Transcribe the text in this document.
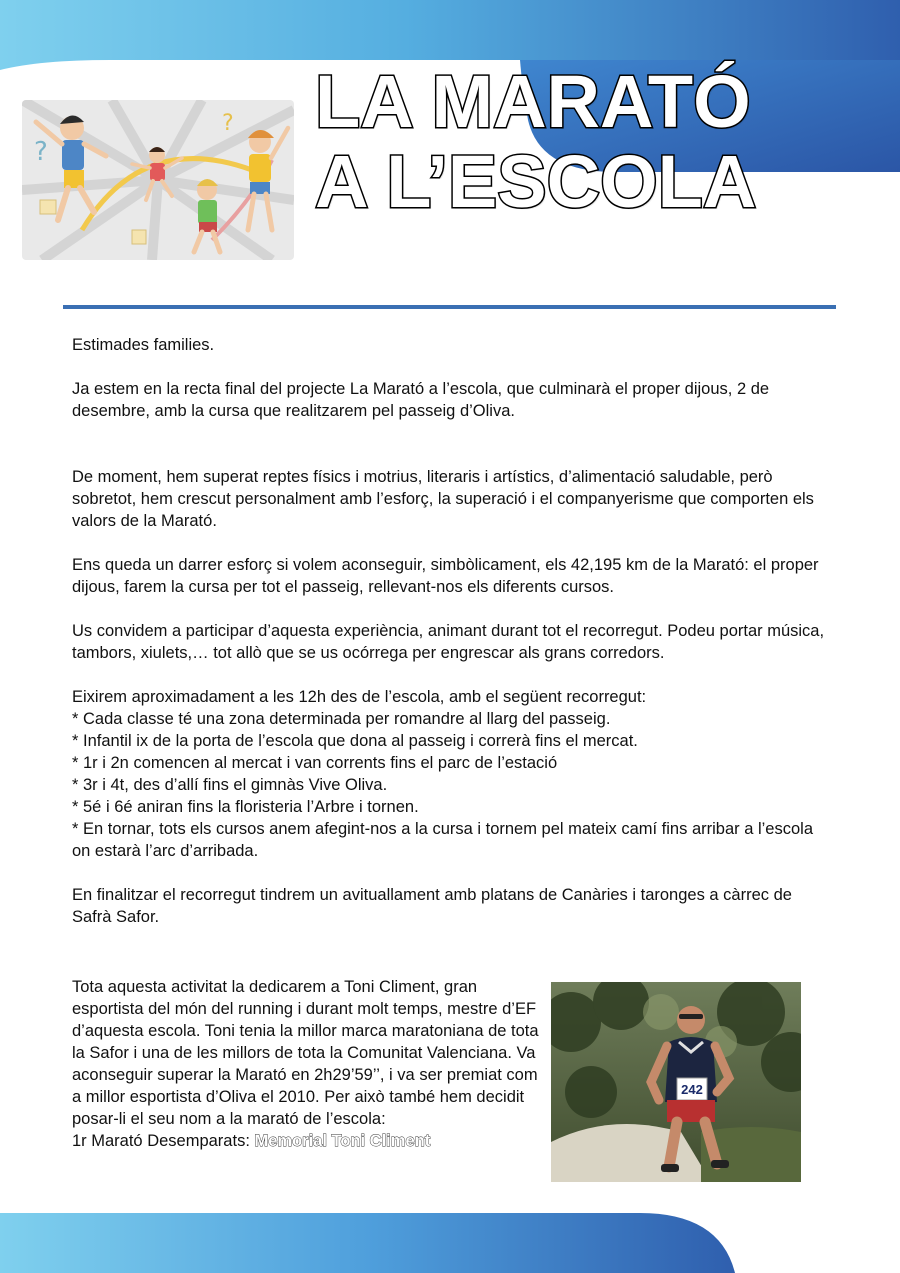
?
? LA MARATÓ
A L’ESCOLA

Estimades families.

Ja estem en la recta final del projecte La Marató a l’escola, que culminarà el proper dijous, 2 de desembre, amb la cursa que realitzarem pel passeig d’Oliva.

De moment, hem superat reptes físics i motrius, literaris i artístics, d’alimentació saludable, però sobretot, hem crescut personalment amb l’esforç, la superació i el companyerisme que comporten els valors de la Marató.

Ens queda un darrer esforç si volem aconseguir, simbòlicament, els 42,195 km de la Marató: el proper dijous, farem la cursa per tot el passeig, rellevant-nos els diferents cursos.

Us convidem a participar d’aquesta experiència, animant durant tot el recorregut. Podeu portar música, tambors, xiulets,… tot allò que se us ocórrega per engrescar als grans corredors.

Eixirem aproximadament a les 12h des de l’escola, amb el següent recorregut:
* Cada classe té una zona determinada per romandre al llarg del passeig.
* Infantil ix de la porta de l’escola que dona al passeig i correrà fins el mercat.
* 1r i 2n comencen al mercat i van corrents fins el parc de l’estació
* 3r i 4t, des d’allí fins el gimnàs Vive Oliva.
* 5é i 6é aniran fins la floristeria l’Arbre i tornen.
* En tornar, tots els cursos anem afegint-nos a la cursa i tornem pel mateix camí fins arribar a l’escola on estarà l’arc d’arribada.

En finalitzar el recorregut tindrem un avituallament amb platans de Canàries i taronges a càrrec de Safrà Safor.

Tota aquesta activitat la dedicarem a Toni Climent, gran esportista del món del running i durant molt temps, mestre d’EF d’aquesta escola. Toni tenia la millor marca maratoniana de tota la Safor i una de les millors de tota la Comunitat Valenciana. Va aconseguir superar la Marató en 2h29’59’’, i va ser premiat com a millor esportista d’Oliva el 2010. Per això també hem decidit posar-li el seu nom a la marató de l’escola:

1r Marató Desemparats: Memorial Toni Climent

242
